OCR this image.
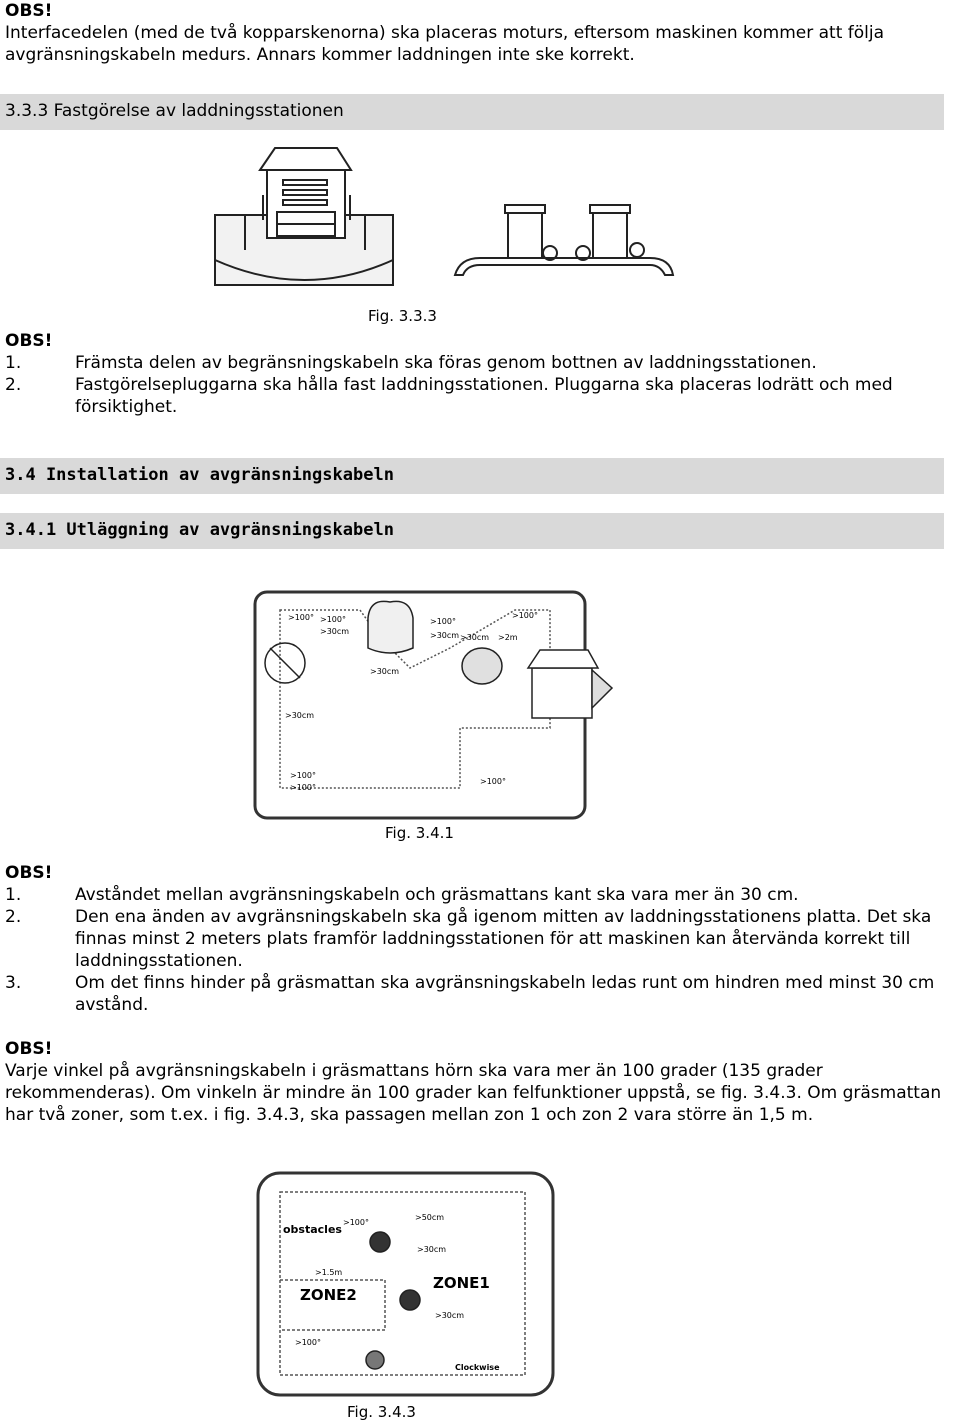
OBS!
Interfacedelen (med de två kopparskenorna) ska placeras moturs, eftersom maskinen kommer att följa avgränsningskabeln medurs. Annars kommer laddningen inte ske korrekt.
3.3.3 Fastgörelse av laddningsstationen
Fig. 3.3.3
OBS!
1.	Främsta delen av begränsningskabeln ska föras genom bottnen av laddningsstationen.
2.	Fastgörelsepluggarna ska hålla fast laddningsstationen. Pluggarna ska placeras lodrätt och med försiktighet.
3.4 Installation av avgränsningskabeln
3.4.1 Utläggning av avgränsningskabeln
>100° >100°
>30cm
>100°
>30cm
>100°
>30cm
>2m
>30cm
>30cm
>100°
>100°
>100°
Fig. 3.4.1
OBS!
1.	Avståndet mellan avgränsningskabeln och gräsmattans kant ska vara mer än 30 cm.
2.	Den ena änden av avgränsningskabeln ska gå igenom mitten av laddningsstationens platta. Det ska finnas minst 2 meters plats framför laddningsstationen för att maskinen kan återvända korrekt till laddningsstationen.
3.	Om det finns hinder på gräsmattan ska avgränsningskabeln ledas runt om hindren med minst 30 cm avstånd.
OBS!
Varje vinkel på avgränsningskabeln i gräsmattans hörn ska vara mer än 100 grader (135 grader rekommenderas). Om vinkeln är mindre än 100 grader kan felfunktioner uppstå, se fig. 3.4.3. Om gräsmattan har två zoner, som t.ex. i fig. 3.4.3, ska passagen mellan zon 1 och zon 2 vara större än 1,5 m.
obstacles
>100°
>50cm
>30cm
>1.5m
ZONE1
ZONE2
>30cm
>100°
Clockwise
Fig. 3.4.3
